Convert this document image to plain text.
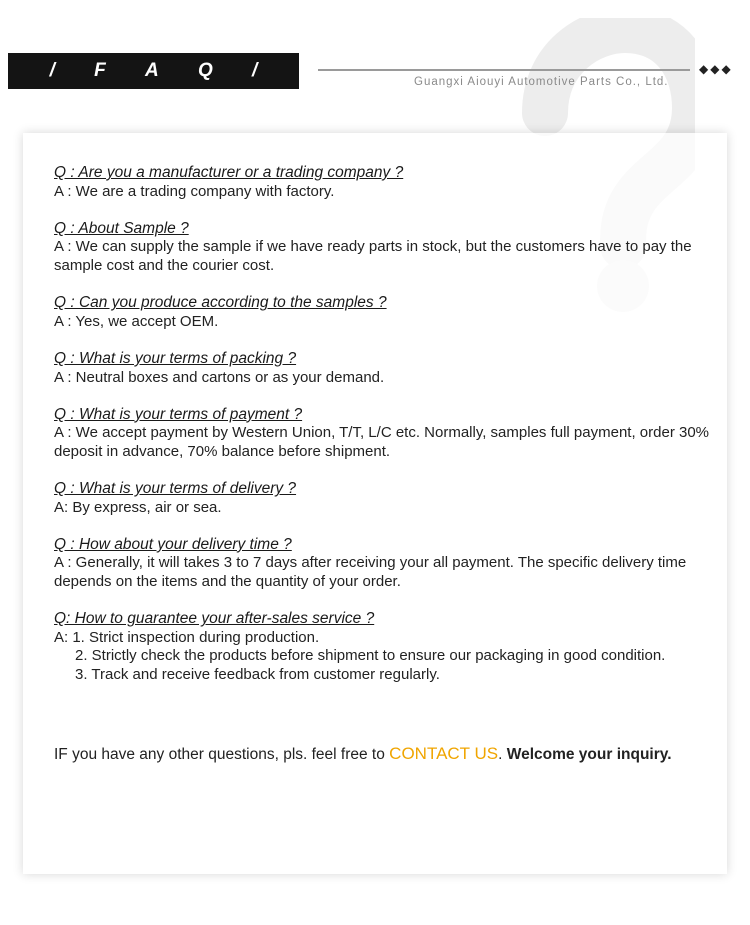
/ F A Q /
Guangxi Aiouyi Automotive Parts Co., Ltd.
◆◆◆
Q : Are you a manufacturer or a trading company ?
A : We are a trading company with factory.
Q : About Sample ?
A : We can supply the sample if we have ready parts in stock, but the customers have to pay the sample cost and the courier cost.
Q : Can you produce according to the samples ?
A : Yes, we accept OEM.
Q : What is your terms of packing ?
A : Neutral boxes and cartons or as your demand.
Q : What is your terms of payment ?
A : We accept payment by Western Union, T/T, L/C etc. Normally, samples full payment, order 30% deposit in advance, 70% balance before shipment.
Q : What is your terms of delivery ?
A: By express, air or sea.
Q : How about your delivery time ?
A : Generally, it will takes 3 to 7 days after receiving your all payment. The specific delivery time depends on the items and the quantity of your order.
Q: How to guarantee your after-sales service ?
A: 1. Strict inspection during production.
2. Strictly check the products before shipment to ensure our packaging in good condition.
3. Track and receive feedback from customer regularly.
IF you have any other questions, pls. feel free to CONTACT US. Welcome your inquiry.
